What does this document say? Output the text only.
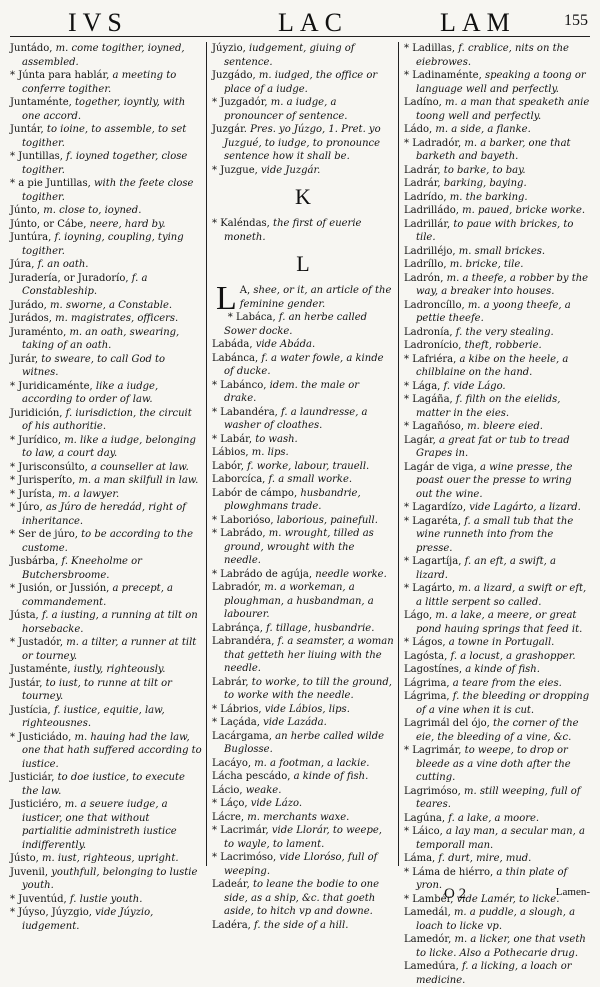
IVS	LAC	LAM	155
Juntádo, m. come togither, ioyned, assembled.
* Júnta para hablár, a meeting to conferre togither.
Juntaménte, together, ioyntly, with one accord.
Juntár, to ioine, to assemble, to set togither.
* Juntillas, f. ioyned together, close togither.
* a pie Juntillas, with the feete close togither.
Júnto, m. close to, ioyned.
Júnto, or Cábe, neere, hard by.
Juntúra, f. ioyning, coupling, tying togither.
Júra, f. an oath.
Juradería, or Juradorío, f. a Constableship.
Jurádo, m. sworne, a Constable.
Jurádos, m. magistrates, officers.
Juraménto, m. an oath, swearing, taking of an oath.
Jurár, to sweare, to call God to witnes.
* Juridicaménte, like a iudge, according to order of law.
Juridición, f. iurisdiction, the circuit of his authoritie.
* Jurídico, m. like a iudge, belonging to law, a court day.
* Jurisconsúlto, a counseller at law.
* Jurisperíto, m. a man skilfull in law.
* Jurísta, m. a lawyer.
* Júro, as Júro de heredád, right of inheritance.
* Ser de júro, to be according to the custome.
Jusbárba, f. Kneeholme or Butchersbroome.
* Jusión, or Jussión, a precept, a commandement.
Jústa, f. a iusting, a running at tilt on horsebacke.
* Justadór, m. a tilter, a runner at tilt or tourney.
Justaménte, iustly, righteously.
Justár, to iust, to runne at tilt or tourney.
Justícia, f. iustice, equitie, law, righteousnes.
* Justiciádo, m. hauing had the law, one that hath suffered according to iustice.
Justiciár, to doe iustice, to execute the law.
Justiciéro, m. a seuere iudge, a iusticer, one that without partialitie administreth iustice indifferently.
Jústo, m. iust, righteous, upright.
Juvenil, youthfull, belonging to lustie youth.
* Juventúd, f. lustie youth.
* Júyso, Júyzgio, vide Júyzio, iudgement.
Júyzio, iudgement, giuing of sentence.
Juzgádo, m. iudged, the office or place of a iudge.
* Juzgadór, m. a iudge, a pronouncer of sentence.
Juzgár. Pres. yo Júzgo, 1. Pret. yo Juzgué, to iudge, to pronounce sentence how it shall be.
* Juzgue, vide Juzgár.
K
* Kaléndas, the first of euerie moneth.
L
L A, shee, or it, an article of the feminine gender.
* Labáca, f. an herbe called Sower docke.
Labáda, vide Abáda.
Labánca, f. a water fowle, a kinde of ducke.
* Labánco, idem. the male or drake.
* Labandéra, f. a laundresse, a washer of cloathes.
* Labár, to wash.
Lábios, m. lips.
Labór, f. worke, labour, trauell.
Laborcíca, f. a small worke.
Labór de cámpo, husbandrie, plowghmans trade.
* Laborióso, laborious, painefull.
* Labrádo, m. wrought, tilled as ground, wrought with the needle.
* Labrádo de agúja, needle worke.
Labradór, m. a workeman, a ploughman, a husbandman, a labourer.
Labránça, f. tillage, husbandrie.
Labrandéra, f. a seamster, a woman that getteth her liuing with the needle.
Labrár, to worke, to till the ground, to worke with the needle.
* Lábrios, vide Lábios, lips.
* Laçáda, vide Lazáda.
Lacárgama, an herbe called wilde Buglosse.
Lacáyo, m. a footman, a lackie.
Lácha pescádo, a kinde of fish.
Lácio, weake.
* Láço, vide Lázo.
Lácre, m. merchants waxe.
* Lacrimár, vide Llorár, to weepe, to wayle, to lament.
* Lacrimóso, vide Lloróso, full of weeping.
Ladeár, to leane the bodie to one side, as a ship, &c. that goeth aside, to hitch vp and downe.
Ladéra, f. the side of a hill.
* Ladillas, f. crablice, nits on the eiebrowes.
* Ladinaménte, speaking a toong or language well and perfectly.
Ladíno, m. a man that speaketh anie toong well and perfectly.
Ládo, m. a side, a flanke.
* Ladradór, m. a barker, one that barketh and bayeth.
Ladrár, to barke, to bay.
Ladrár, barking, baying.
Ladrído, m. the barking.
Ladrilládo, m. paued, bricke worke.
Ladrillár, to paue with brickes, to tile.
Ladrilléjo, m. small brickes.
Ladríllo, m. bricke, tile.
Ladrón, m. a theefe, a robber by the way, a breaker into houses.
Ladroncíllo, m. a yoong theefe, a pettie theefe.
Ladronía, f. the very stealing.
Ladronício, theft, robberie.
* Lafriéra, a kibe on the heele, a chilblaine on the hand.
* Lága, f. vide Lágo.
* Lagáña, f. filth on the eielids, matter in the eies.
* Lagañóso, m. bleere eied.
Lagár, a great fat or tub to tread Grapes in.
Lagár de viga, a wine presse, the poast ouer the presse to wring out the wine.
* Lagardízo, vide Lagárto, a lizard.
* Lagaréta, f. a small tub that the wine runneth into from the presse.
* Lagartíja, f. an eft, a swift, a lizard.
* Lagárto, m. a lizard, a swift or eft, a little serpent so called.
Lágo, m. a lake, a meere, or great pond hauing springs that feed it.
* Lágos, a towne in Portugall.
Lagósta, f. a locust, a grashopper.
Lagostínes, a kinde of fish.
Lágrima, a teare from the eies.
Lágrima, f. the bleeding or dropping of a vine when it is cut.
Lagrimál del ójo, the corner of the eie, the bleeding of a vine, &c.
* Lagrimár, to weepe, to drop or bleede as a vine doth after the cutting.
Lagrimóso, m. still weeping, full of teares.
Lagúna, f. a lake, a moore.
* Láico, a lay man, a secular man, a temporall man.
Láma, f. durt, mire, mud.
* Láma de hiérro, a thin plate of yron.
* Lambér, vide Lamér, to licke.
Lamedál, m. a puddle, a slough, a loach to licke vp.
Lamedór, m. a licker, one that vseth to licke. Also a Pothecarie drug.
Lamedúra, f. a licking, a loach or medicine.
O 2	Lamen-
